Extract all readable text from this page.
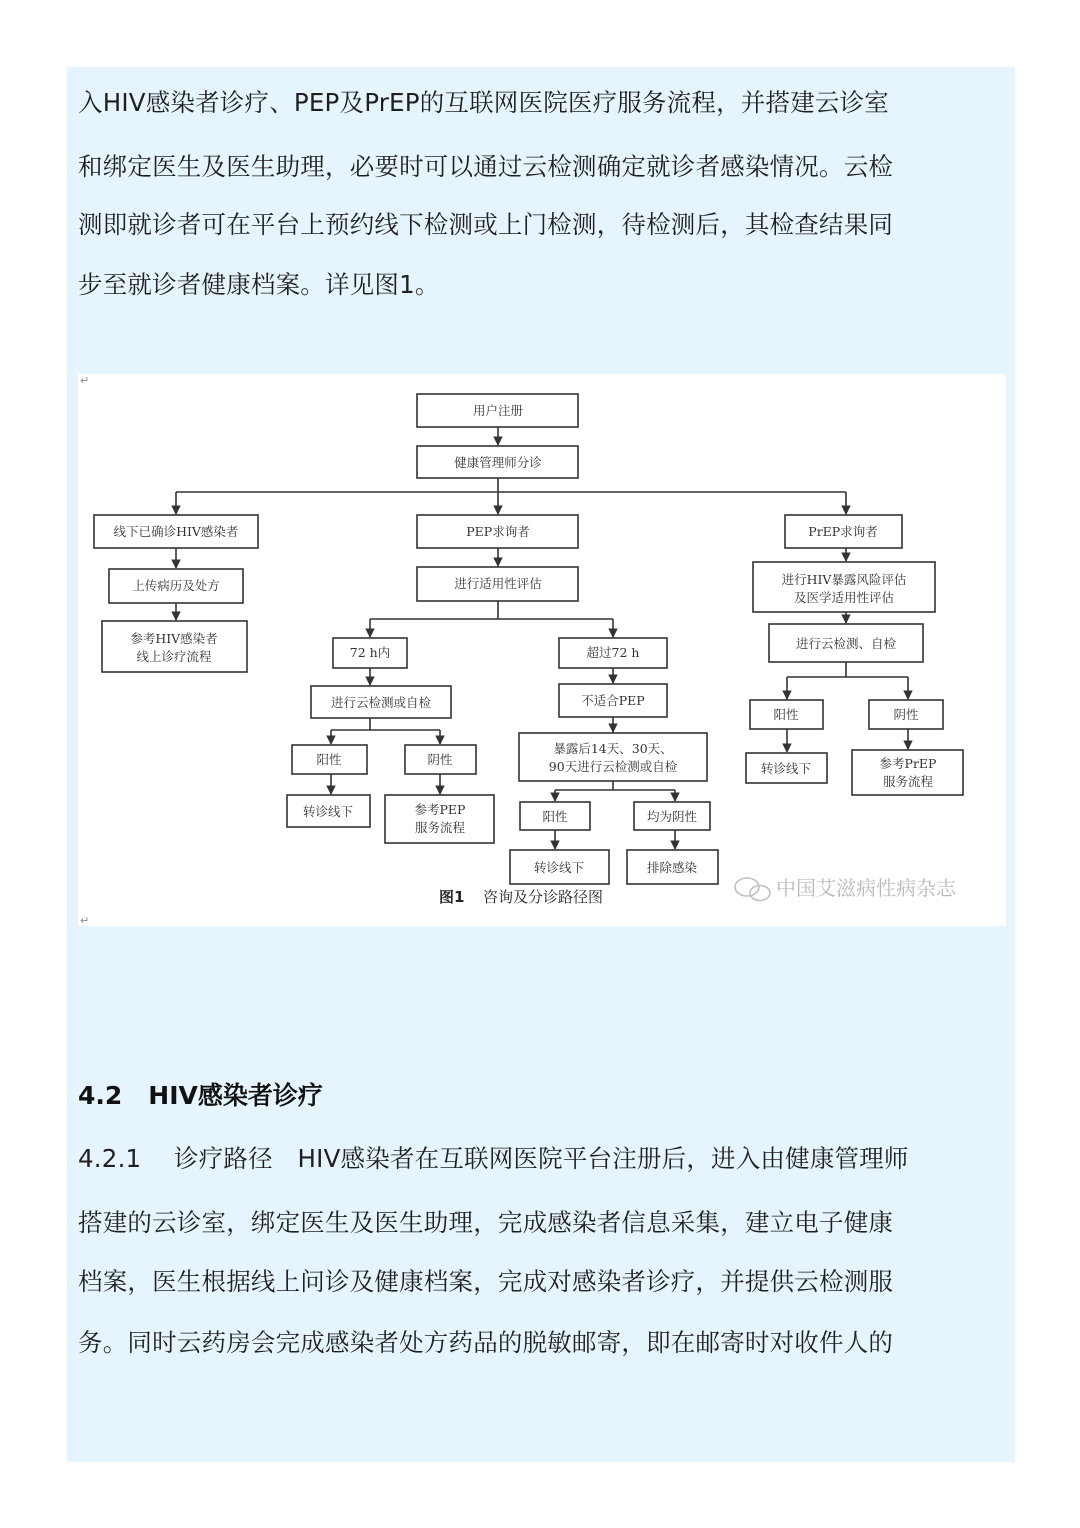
入HIV感染者诊疗、PEP及PrEP的互联网医院医疗服务流程，并搭建云诊室
和绑定医生及医生助理，必要时可以通过云检测确定就诊者感染情况。云检
测即就诊者可在平台上预约线下检测或上门检测，待检测后，其检查结果同
步至就诊者健康档案。详见图1。
用户注册
健康管理师分诊
线下已确诊HIV感染者
上传病历及处方
参考HIV感染者
线上诊疗流程
PEP求询者
进行适用性评估
72 h内	超过72 h
进行云检测或自检	不适合PEP
阳性	阴性
转诊线下	参考PEP
服务流程
暴露后14天、30天、
90天进行云检测或自检
阳性	均为阴性
转诊线下	排除感染
PrEP求询者
进行HIV暴露风险评估
及医学适用性评估
进行云检测、自检
阳性	阴性
转诊线下	参考PrEP
服务流程
图1 咨询及分诊路径图	中国艾滋病性病杂志
↵
↵
4.2 HIV感染者诊疗
4.2.1　 诊疗路径　HIV感染者在互联网医院平台注册后，进入由健康管理师
搭建的云诊室，绑定医生及医生助理，完成感染者信息采集，建立电子健康
档案，医生根据线上问诊及健康档案，完成对感染者诊疗，并提供云检测服
务。同时云药房会完成感染者处方药品的脱敏邮寄，即在邮寄时对收件人的
